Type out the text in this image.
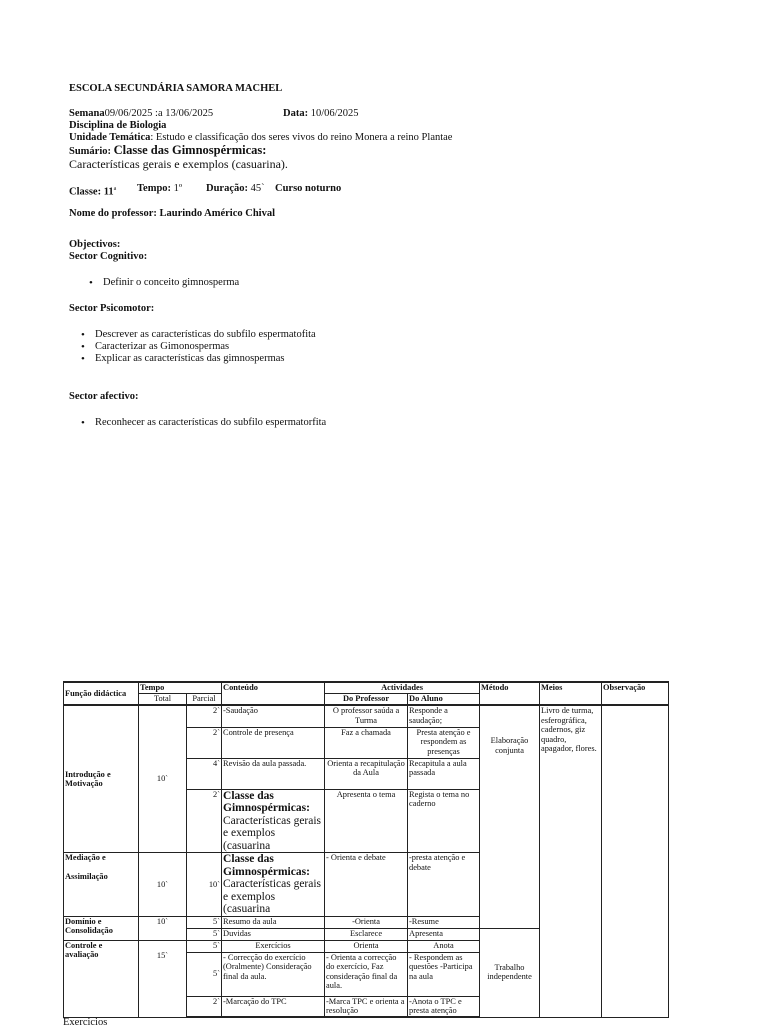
ESCOLA SECUNDÁRIA SAMORA MACHEL
Semana09/06/2025 :a 13/06/2025	Data: 10/06/2025
Disciplina de Biologia
Unidade Temática: Estudo e classificação dos seres vivos do reino Monera a reino Plantae
Sumário: Classe das Gimnospérmicas:
Características gerais e exemplos (casuarina).
Classe: 11$^a$ Tempo: 1º Duração: 45` Curso noturno
Nome do professor: Laurindo Américo Chival
Objectivos:
Sector Cognitivo:
• Definir o conceito gimnosperma
Sector Psicomotor:
• Descrever as características do subfilo espermatofita
• Caracterizar as Gimonospermas
• Explicar as características das gimnospermas
Sector afectivo:
• Reconhecer as características do subfilo espermatorfita
Função didáctica	Tempo		Conteúdo	Actividades		Método	Meios	Observação
	Total	Parcial		Do Professor	Do Aluno			
Introdução e Motivação	10`	2`	-Saudação	O professor saúda a Turma	Responde a saudação;	Elaboração conjunta	Livro de turma, esferográfica, cadernos, giz quadro, apagador, flores.	
		2`	Controle de presença	Faz a chamada	Presta atenção e respondem as presenças			
		4`	Revisão da aula passada.	Orienta a recapitulação da Aula	Recapitula a aula passada			
		2`	Classe das Gimnospérmicas:
Características gerais e exemplos (casuarina	Apresenta o tema	Regista o tema no caderno			
Mediação e

Assimilação	10`	10`	Classe das Gimnospérmicas:
Características gerais e exemplos (casuarina	- Orienta e debate	-presta atenção e debate			
Domínio e Consolidação	10`	5`	Resumo da aula	-Orienta	-Resume			
		5`	Duvidas	Esclarece	Apresenta	Trabalho independente		
Controle e avaliação	15`	5`	Exercícios	Orienta	Anota			
		5`	- Correcção do exercício (Oralmente) Consideração final da aula.	- Orienta a correcção do exercício, Faz consideração final da aula.	- Respondem as questões -Participa na aula			
		2`	-Marcação do TPC	-Marca TPC e orienta a resolução	-Anota o TPC e presta atenção			
Exercicios
